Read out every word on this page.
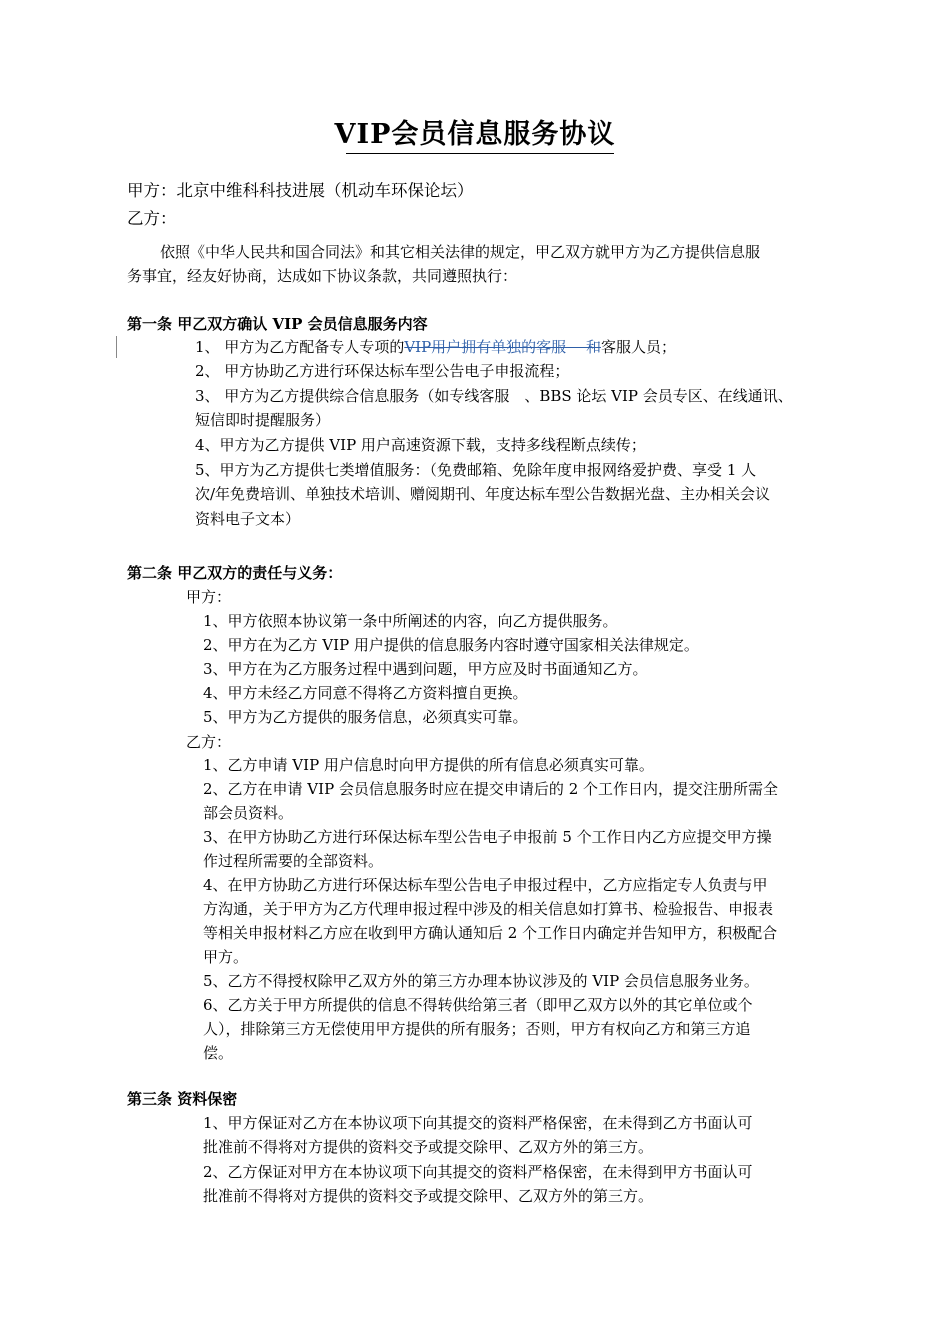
VIP会员信息服务协议
甲方：北京中维科科技进展（机动车环保论坛）
乙方：
依照《中华人民共和国合同法》和其它相关法律的规定，甲乙双方就甲方为乙方提供信息服
务事宜，经友好协商，达成如下协议条款，共同遵照执行：
第一条 甲乙双方确认 VIP 会员信息服务内容
1、 甲方为乙方配备专人专项的VIP用户拥有单独的客服　 和客服人员；
2、 甲方协助乙方进行环保达标车型公告电子申报流程；
3、 甲方为乙方提供综合信息服务（如专线客服　、BBS 论坛 VIP 会员专区、在线通讯、
短信即时提醒服务）
4、甲方为乙方提供 VIP 用户高速资源下载，支持多线程断点续传；
5、甲方为乙方提供七类增值服务：（免费邮箱、免除年度申报网络爱护费、享受 1 人
次/年免费培训、单独技术培训、赠阅期刊、年度达标车型公告数据光盘、主办相关会议
资料电子文本）
第二条 甲乙双方的责任与义务：
甲方：
1、甲方依照本协议第一条中所阐述的内容，向乙方提供服务。
2、甲方在为乙方 VIP 用户提供的信息服务内容时遵守国家相关法律规定。
3、甲方在为乙方服务过程中遇到问题，甲方应及时书面通知乙方。
4、甲方未经乙方同意不得将乙方资料擅自更换。
5、甲方为乙方提供的服务信息，必须真实可靠。
乙方：
1、乙方申请 VIP 用户信息时向甲方提供的所有信息必须真实可靠。
2、乙方在申请 VIP 会员信息服务时应在提交申请后的 2 个工作日内，提交注册所需全
部会员资料。
3、在甲方协助乙方进行环保达标车型公告电子申报前 5 个工作日内乙方应提交甲方操
作过程所需要的全部资料。
4、在甲方协助乙方进行环保达标车型公告电子申报过程中，乙方应指定专人负责与甲
方沟通，关于甲方为乙方代理申报过程中涉及的相关信息如打算书、检验报告、申报表
等相关申报材料乙方应在收到甲方确认通知后 2 个工作日内确定并告知甲方，积极配合
甲方。
5、乙方不得授权除甲乙双方外的第三方办理本协议涉及的 VIP 会员信息服务业务。
6、乙方关于甲方所提供的信息不得转供给第三者（即甲乙双方以外的其它单位或个
人），排除第三方无偿使用甲方提供的所有服务；否则，甲方有权向乙方和第三方追
偿。
第三条 资料保密
1、甲方保证对乙方在本协议项下向其提交的资料严格保密，在未得到乙方书面认可
批准前不得将对方提供的资料交予或提交除甲、乙双方外的第三方。
2、乙方保证对甲方在本协议项下向其提交的资料严格保密，在未得到甲方书面认可
批准前不得将对方提供的资料交予或提交除甲、乙双方外的第三方。
